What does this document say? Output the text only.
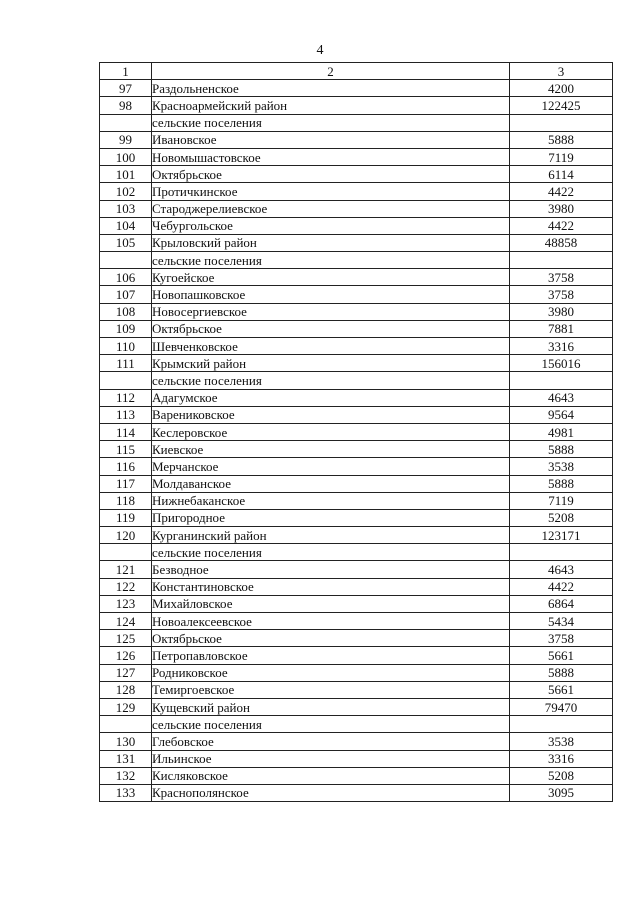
4
1	2	3
97	Раздольненское	4200
98	Красноармейский район	122425
	сельские поселения	
99	Ивановское	5888
100	Новомышастовское	7119
101	Октябрьское	6114
102	Протичкинское	4422
103	Староджерелиевское	3980
104	Чебургольское	4422
105	Крыловский район	48858
	сельские поселения	
106	Кугоейское	3758
107	Новопашковское	3758
108	Новосергиевское	3980
109	Октябрьское	7881
110	Шевченковское	3316
111	Крымский район	156016
	сельские поселения	
112	Адагумское	4643
113	Варениковское	9564
114	Кеслеровское	4981
115	Киевское	5888
116	Мерчанское	3538
117	Молдаванское	5888
118	Нижнебаканское	7119
119	Пригородное	5208
120	Курганинский район	123171
	сельские поселения	
121	Безводное	4643
122	Константиновское	4422
123	Михайловское	6864
124	Новоалексеевское	5434
125	Октябрьское	3758
126	Петропавловское	5661
127	Родниковское	5888
128	Темиргоевское	5661
129	Кущевский район	79470
	сельские поселения	
130	Глебовское	3538
131	Ильинское	3316
132	Кисляковское	5208
133	Краснополянское	3095
